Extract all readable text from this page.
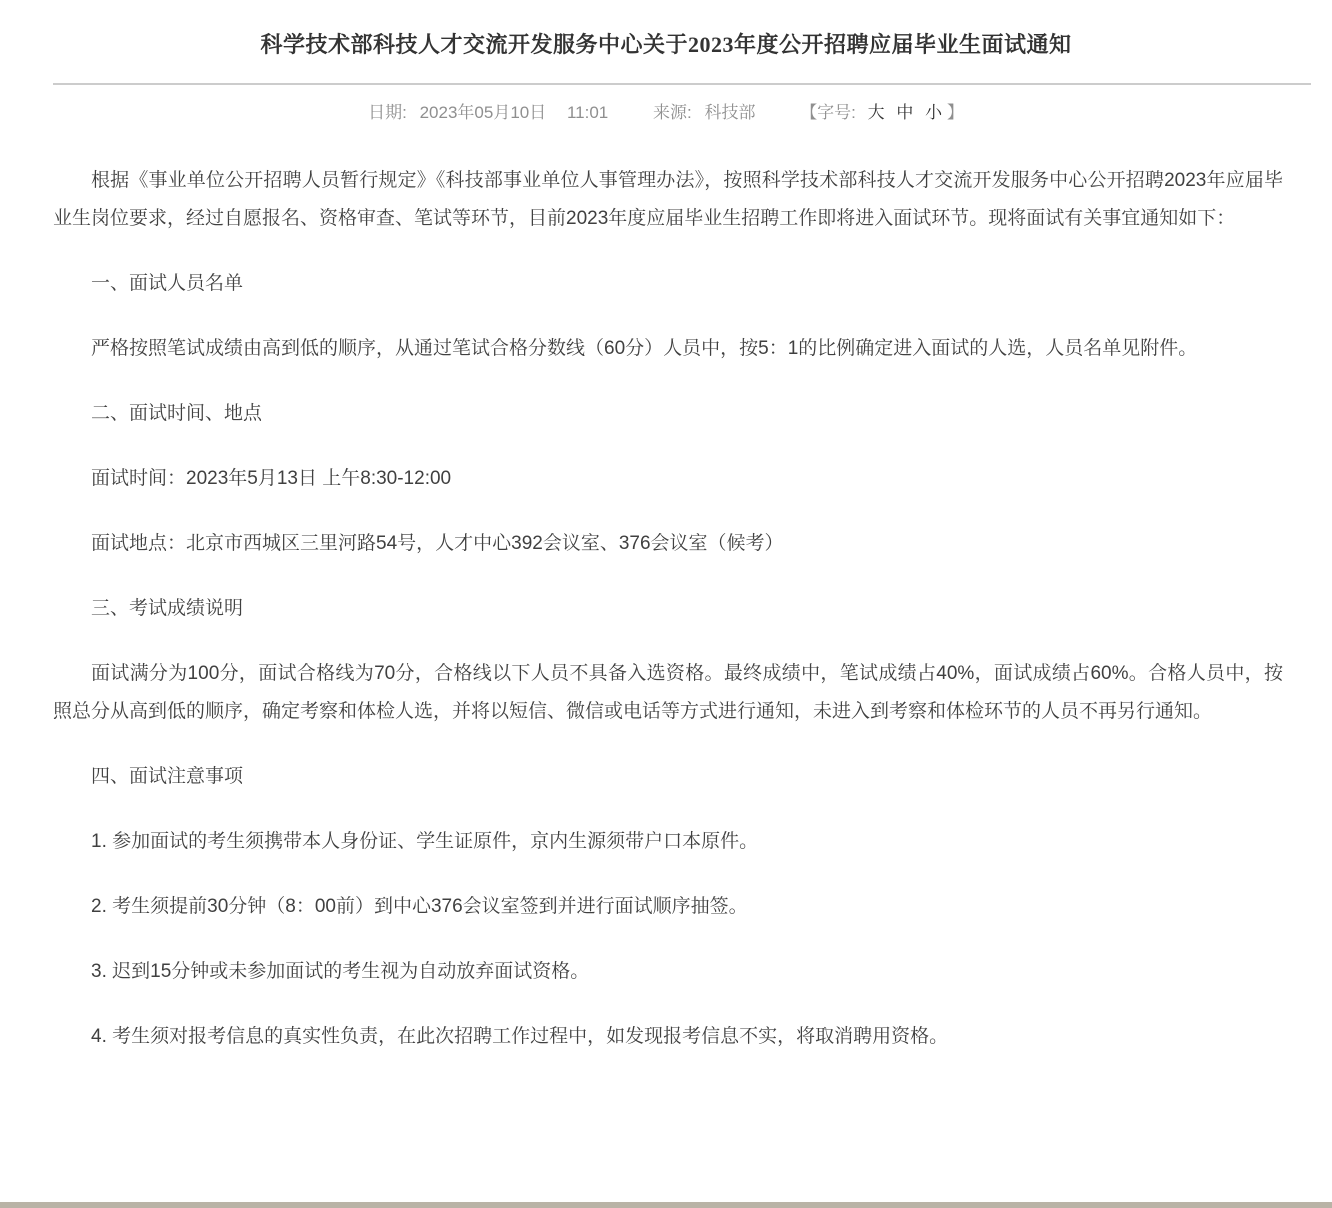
科学技术部科技人才交流开发服务中心关于2023年度公开招聘应届毕业生面试通知
日期: 2023年05月10日 11:01	来源: 科技部	【字号: 大 中 小 】

根据《事业单位公开招聘人员暂行规定》《科技部事业单位人事管理办法》，按照科学技术部科技人才交流开发服务中心公开招聘2023年应届毕业生岗位要求，经过自愿报名、资格审查、笔试等环节，目前2023年度应届毕业生招聘工作即将进入面试环节。现将面试有关事宜通知如下：

一、面试人员名单

严格按照笔试成绩由高到低的顺序，从通过笔试合格分数线（60分）人员中，按5：1的比例确定进入面试的人选，人员名单见附件。

二、面试时间、地点

面试时间：2023年5月13日 上午8:30-12:00

面试地点：北京市西城区三里河路54号，人才中心392会议室、376会议室（候考）

三、考试成绩说明

面试满分为100分，面试合格线为70分，合格线以下人员不具备入选资格。最终成绩中，笔试成绩占40%，面试成绩占60%。合格人员中，按照总分从高到低的顺序，确定考察和体检人选，并将以短信、微信或电话等方式进行通知，未进入到考察和体检环节的人员不再另行通知。

四、面试注意事项

1. 参加面试的考生须携带本人身份证、学生证原件，京内生源须带户口本原件。

2. 考生须提前30分钟（8：00前）到中心376会议室签到并进行面试顺序抽签。

3. 迟到15分钟或未参加面试的考生视为自动放弃面试资格。

4. 考生须对报考信息的真实性负责，在此次招聘工作过程中，如发现报考信息不实，将取消聘用资格。
